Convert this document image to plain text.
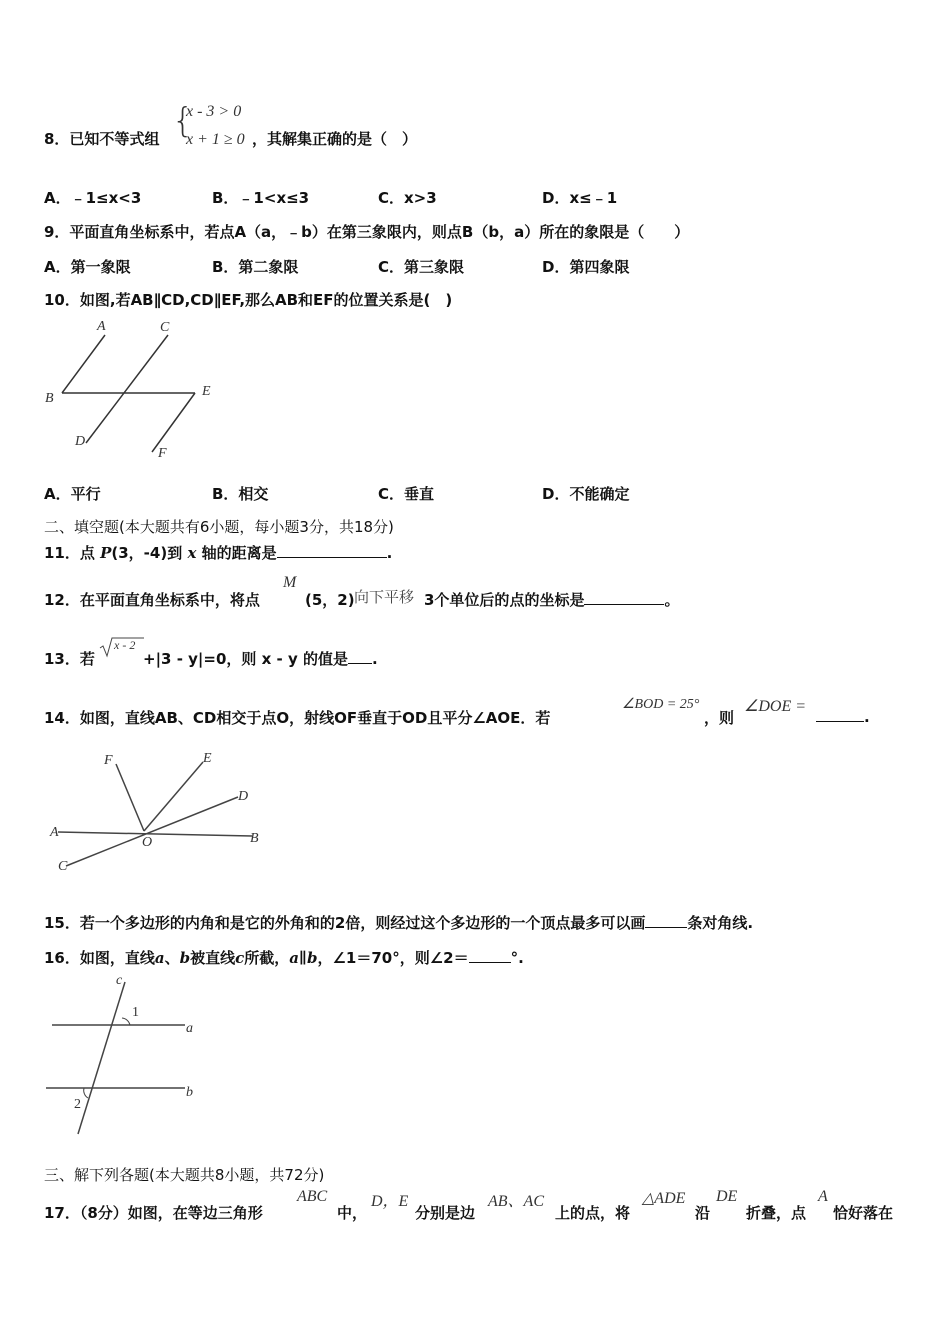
8．已知不等式组 {
x - 3 > 0
x + 1 ≥ 0 ，其解集正确的是（　）
A．﹣1≤x<3	B．﹣1<x≤3	C．x>3	D．x≤﹣1
9．平面直角坐标系中，若点A（a，﹣b）在第三象限内，则点B（b，a）所在的象限是（　　）
A．第一象限	B．第二象限	C．第三象限	D．第四象限
10．如图,若AB∥CD,CD∥EF,那么AB和EF的位置关系是(　)
A	C
B	E
D
F
A．平行	B．相交	C．垂直	D．不能确定
二、填空题(本大题共有6小题，每小题3分，共18分)
11．点 P(3，-4)到 x 轴的距离是	.
12．在平面直角坐标系中，将点
M
(5，2) 向下平移 3个单位后的点的坐标是	。
13．若
x - 2
+|3 - y|=0，则 x - y 的值是 .
14．如图，直线AB、CD相交于点O，射线OF垂直于OD且平分∠AOE．若
∠BOD = 25°
，则
∠DOE =
.
F	E
D
A
O	B
C
15．若一个多边形的内角和是它的外角和的2倍，则经过这个多边形的一个顶点最多可以画	条对角线.
16．如图，直线a、b被直线c所截，a∥b，∠1＝70°，则∠2＝	°.
c
1
a
b
2
三、解下列各题(本大题共8小题，共72分)
17．（8分）如图，在等边三角形
ABC
中，
D，E
分别是边
AB、AC
上的点，将
△ADE
沿
DE
折叠，点
A
恰好落在
